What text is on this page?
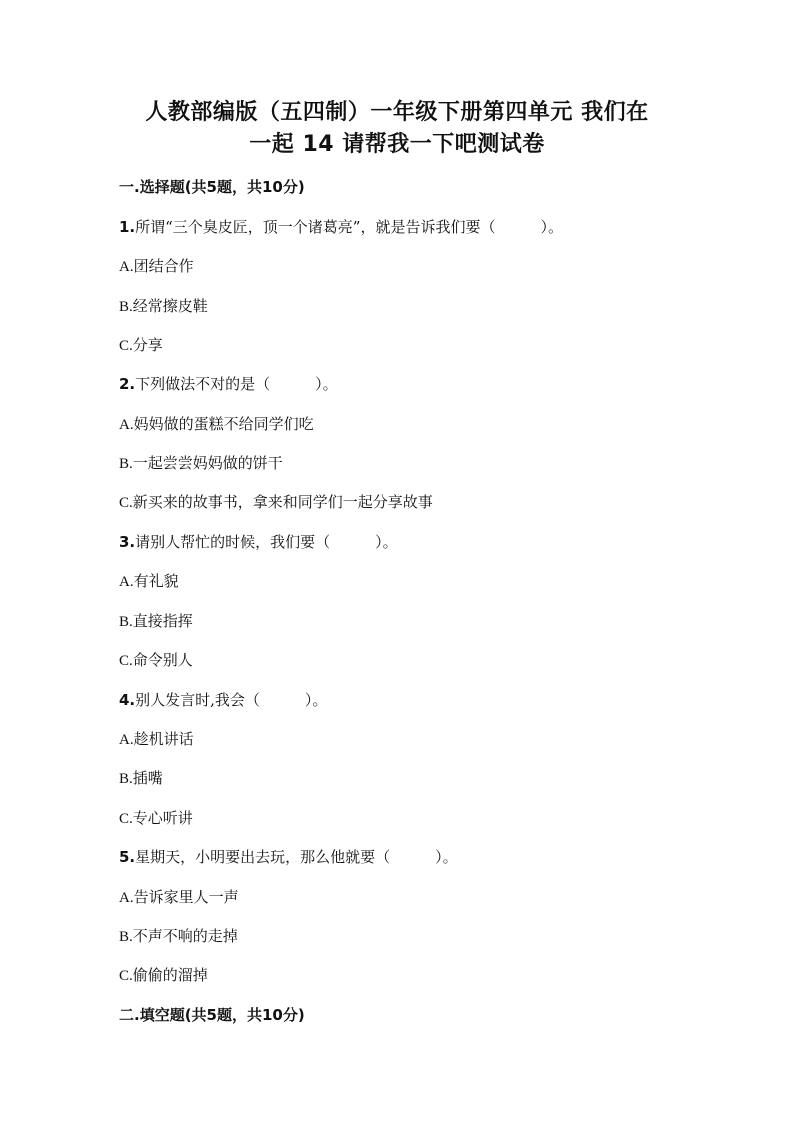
人教部编版（五四制）一年级下册第四单元 我们在
一起 14 请帮我一下吧测试卷
一.选择题(共5题，共10分)
1.所谓“三个臭皮匠，顶一个诸葛亮”，就是告诉我们要（　　　）。
A.团结合作
B.经常擦皮鞋
C.分享
2.下列做法不对的是（　　　）。
A.妈妈做的蛋糕不给同学们吃
B.一起尝尝妈妈做的饼干
C.新买来的故事书，拿来和同学们一起分享故事
3.请别人帮忙的时候，我们要（　　　）。
A.有礼貌
B.直接指挥
C.命令别人
4.别人发言时,我会（　　　）。
A.趁机讲话
B.插嘴
C.专心听讲
5.星期天，小明要出去玩，那么他就要（　　　）。
A.告诉家里人一声
B.不声不响的走掉
C.偷偷的溜掉
二.填空题(共5题，共10分)
